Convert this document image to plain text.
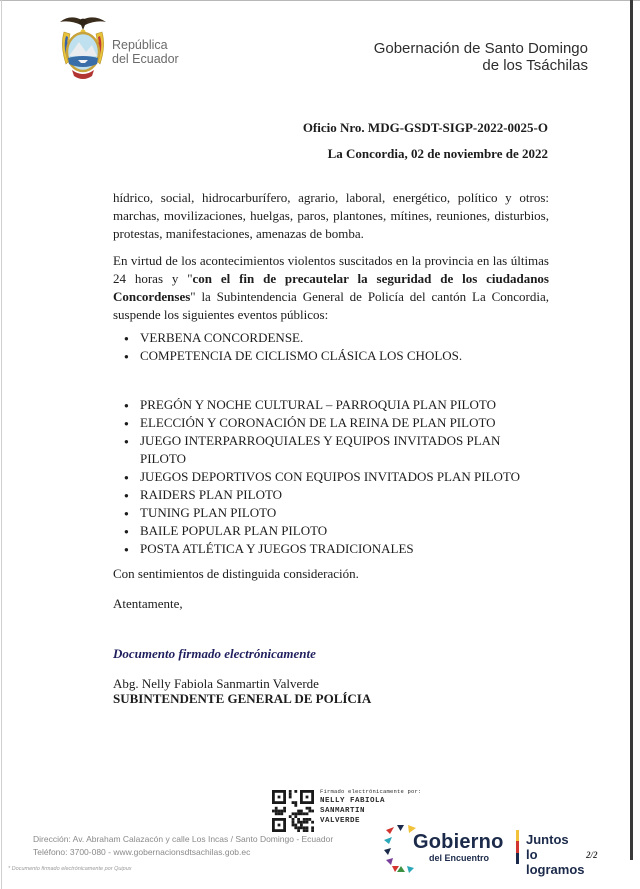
República
del Ecuador
Gobernación de Santo Domingo
de los Tsáchilas

Oficio Nro. MDG-GSDT-SIGP-2022-0025-O

La Concordia, 02 de noviembre de 2022

hídrico, social, hidrocarburífero, agrario, laboral, energético, político y otros: marchas, movilizaciones, huelgas, paros, plantones, mítines, reuniones, disturbios, protestas, manifestaciones, amenazas de bomba.

En virtud de los acontecimientos violentos suscitados en la provincia en las últimas 24 horas y "con el fin de precautelar la seguridad de los ciudadanos Concordenses" la Subintendencia General de Policía del cantón La Concordia, suspende los siguientes eventos públicos:

● VERBENA CONCORDENSE.
● COMPETENCIA DE CICLISMO CLÁSICA LOS CHOLOS.
● PREGÓN Y NOCHE CULTURAL – PARROQUIA PLAN PILOTO
● ELECCIÓN Y CORONACIÓN DE LA REINA DE PLAN PILOTO
● JUEGO INTERPARROQUIALES Y EQUIPOS INVITADOS PLAN PILOTO
● JUEGOS DEPORTIVOS CON EQUIPOS INVITADOS PLAN PILOTO
● RAIDERS PLAN PILOTO
● TUNING PLAN PILOTO
● BAILE POPULAR PLAN PILOTO
● POSTA ATLÉTICA Y JUEGOS TRADICIONALES

Con sentimientos de distinguida consideración.

Atentamente,

Documento firmado electrónicamente

Abg. Nelly Fabiola Sanmartin Valverde

SUBINTENDENTE GENERAL DE POLÍCIA

Firmado electrónicamente por:
NELLY FABIOLA
SANMARTIN
VALVERDE
Dirección: Av. Abraham Calazacón y calle Los Incas / Santo Domingo - Ecuador
Teléfono: 3700-080 - www.gobernacionsdtsachilas.gob.ec
* Documento firmado electrónicamente por Quipux
Gobierno
del Encuentro
Juntos
lo logramos
2/2
